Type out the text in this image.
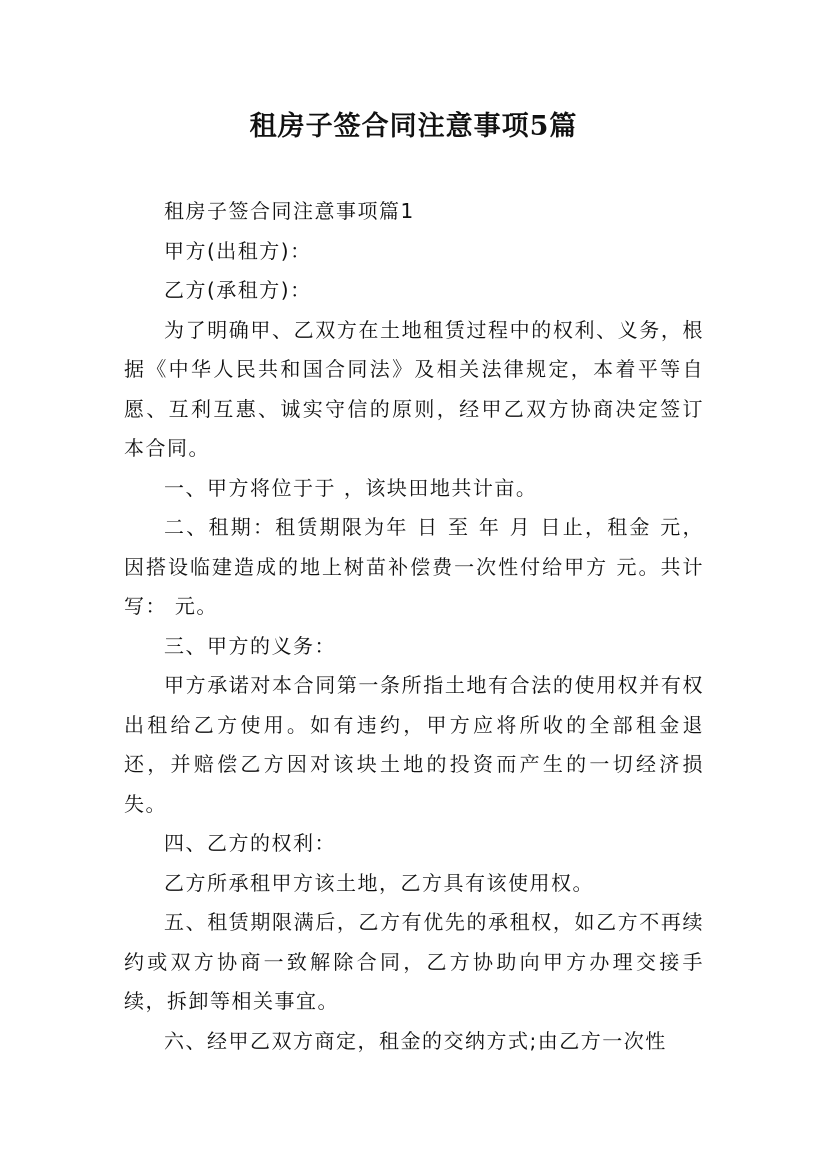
租房子签合同注意事项5篇

租房子签合同注意事项篇1

甲方(出租方)：

乙方(承租方)：

为了明确甲、乙双方在土地租赁过程中的权利、义务，根据《中华人民共和国合同法》及相关法律规定，本着平等自愿、互利互惠、诚实守信的原则，经甲乙双方协商决定签订本合同。

一、甲方将位于于 ，该块田地共计亩。

二、租期：租赁期限为年 日 至 年 月 日止，租金 元，因搭设临建造成的地上树苗补偿费一次性付给甲方 元。共计写： 元。

三、甲方的义务：

甲方承诺对本合同第一条所指土地有合法的使用权并有权出租给乙方使用。如有违约，甲方应将所收的全部租金退还，并赔偿乙方因对该块土地的投资而产生的一切经济损失。

四、乙方的权利：

乙方所承租甲方该土地，乙方具有该使用权。

五、租赁期限满后，乙方有优先的承租权，如乙方不再续约或双方协商一致解除合同，乙方协助向甲方办理交接手续，拆卸等相关事宜。

六、经甲乙双方商定，租金的交纳方式;由乙方一次性
